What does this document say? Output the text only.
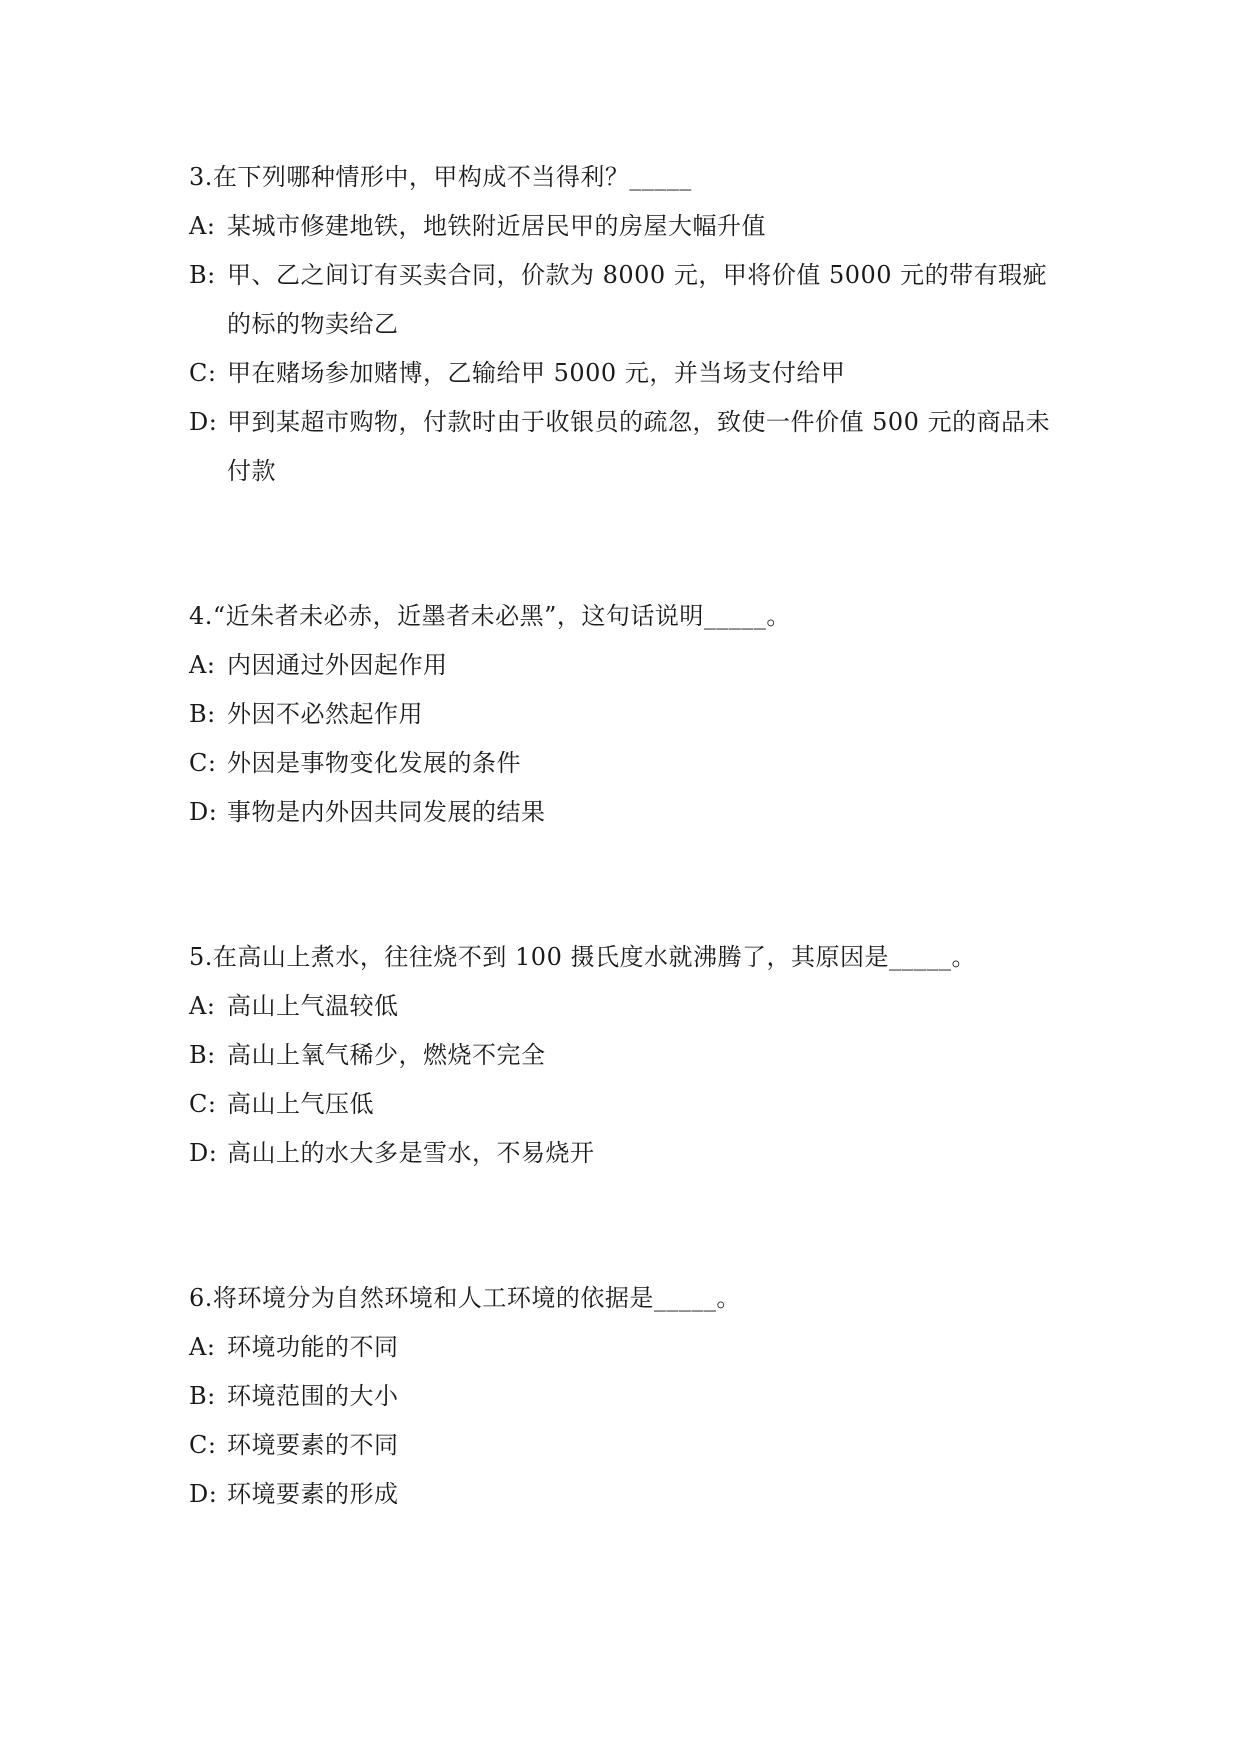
3.在下列哪种情形中，甲构成不当得利？_____
A: 某城市修建地铁，地铁附近居民甲的房屋大幅升值
B: 甲、乙之间订有买卖合同，价款为 8000 元，甲将价值 5000 元的带有瑕疵的标的物卖给乙
C: 甲在赌场参加赌博，乙输给甲 5000 元，并当场支付给甲
D: 甲到某超市购物，付款时由于收银员的疏忽，致使一件价值 500 元的商品未付款
4.“近朱者未必赤，近墨者未必黑”，这句话说明_____。
A: 内因通过外因起作用
B: 外因不必然起作用
C: 外因是事物变化发展的条件
D: 事物是内外因共同发展的结果
5.在高山上煮水，往往烧不到 100 摄氏度水就沸腾了，其原因是_____。
A: 高山上气温较低
B: 高山上氧气稀少，燃烧不完全
C: 高山上气压低
D: 高山上的水大多是雪水，不易烧开
6.将环境分为自然环境和人工环境的依据是_____。
A: 环境功能的不同
B: 环境范围的大小
C: 环境要素的不同
D: 环境要素的形成
